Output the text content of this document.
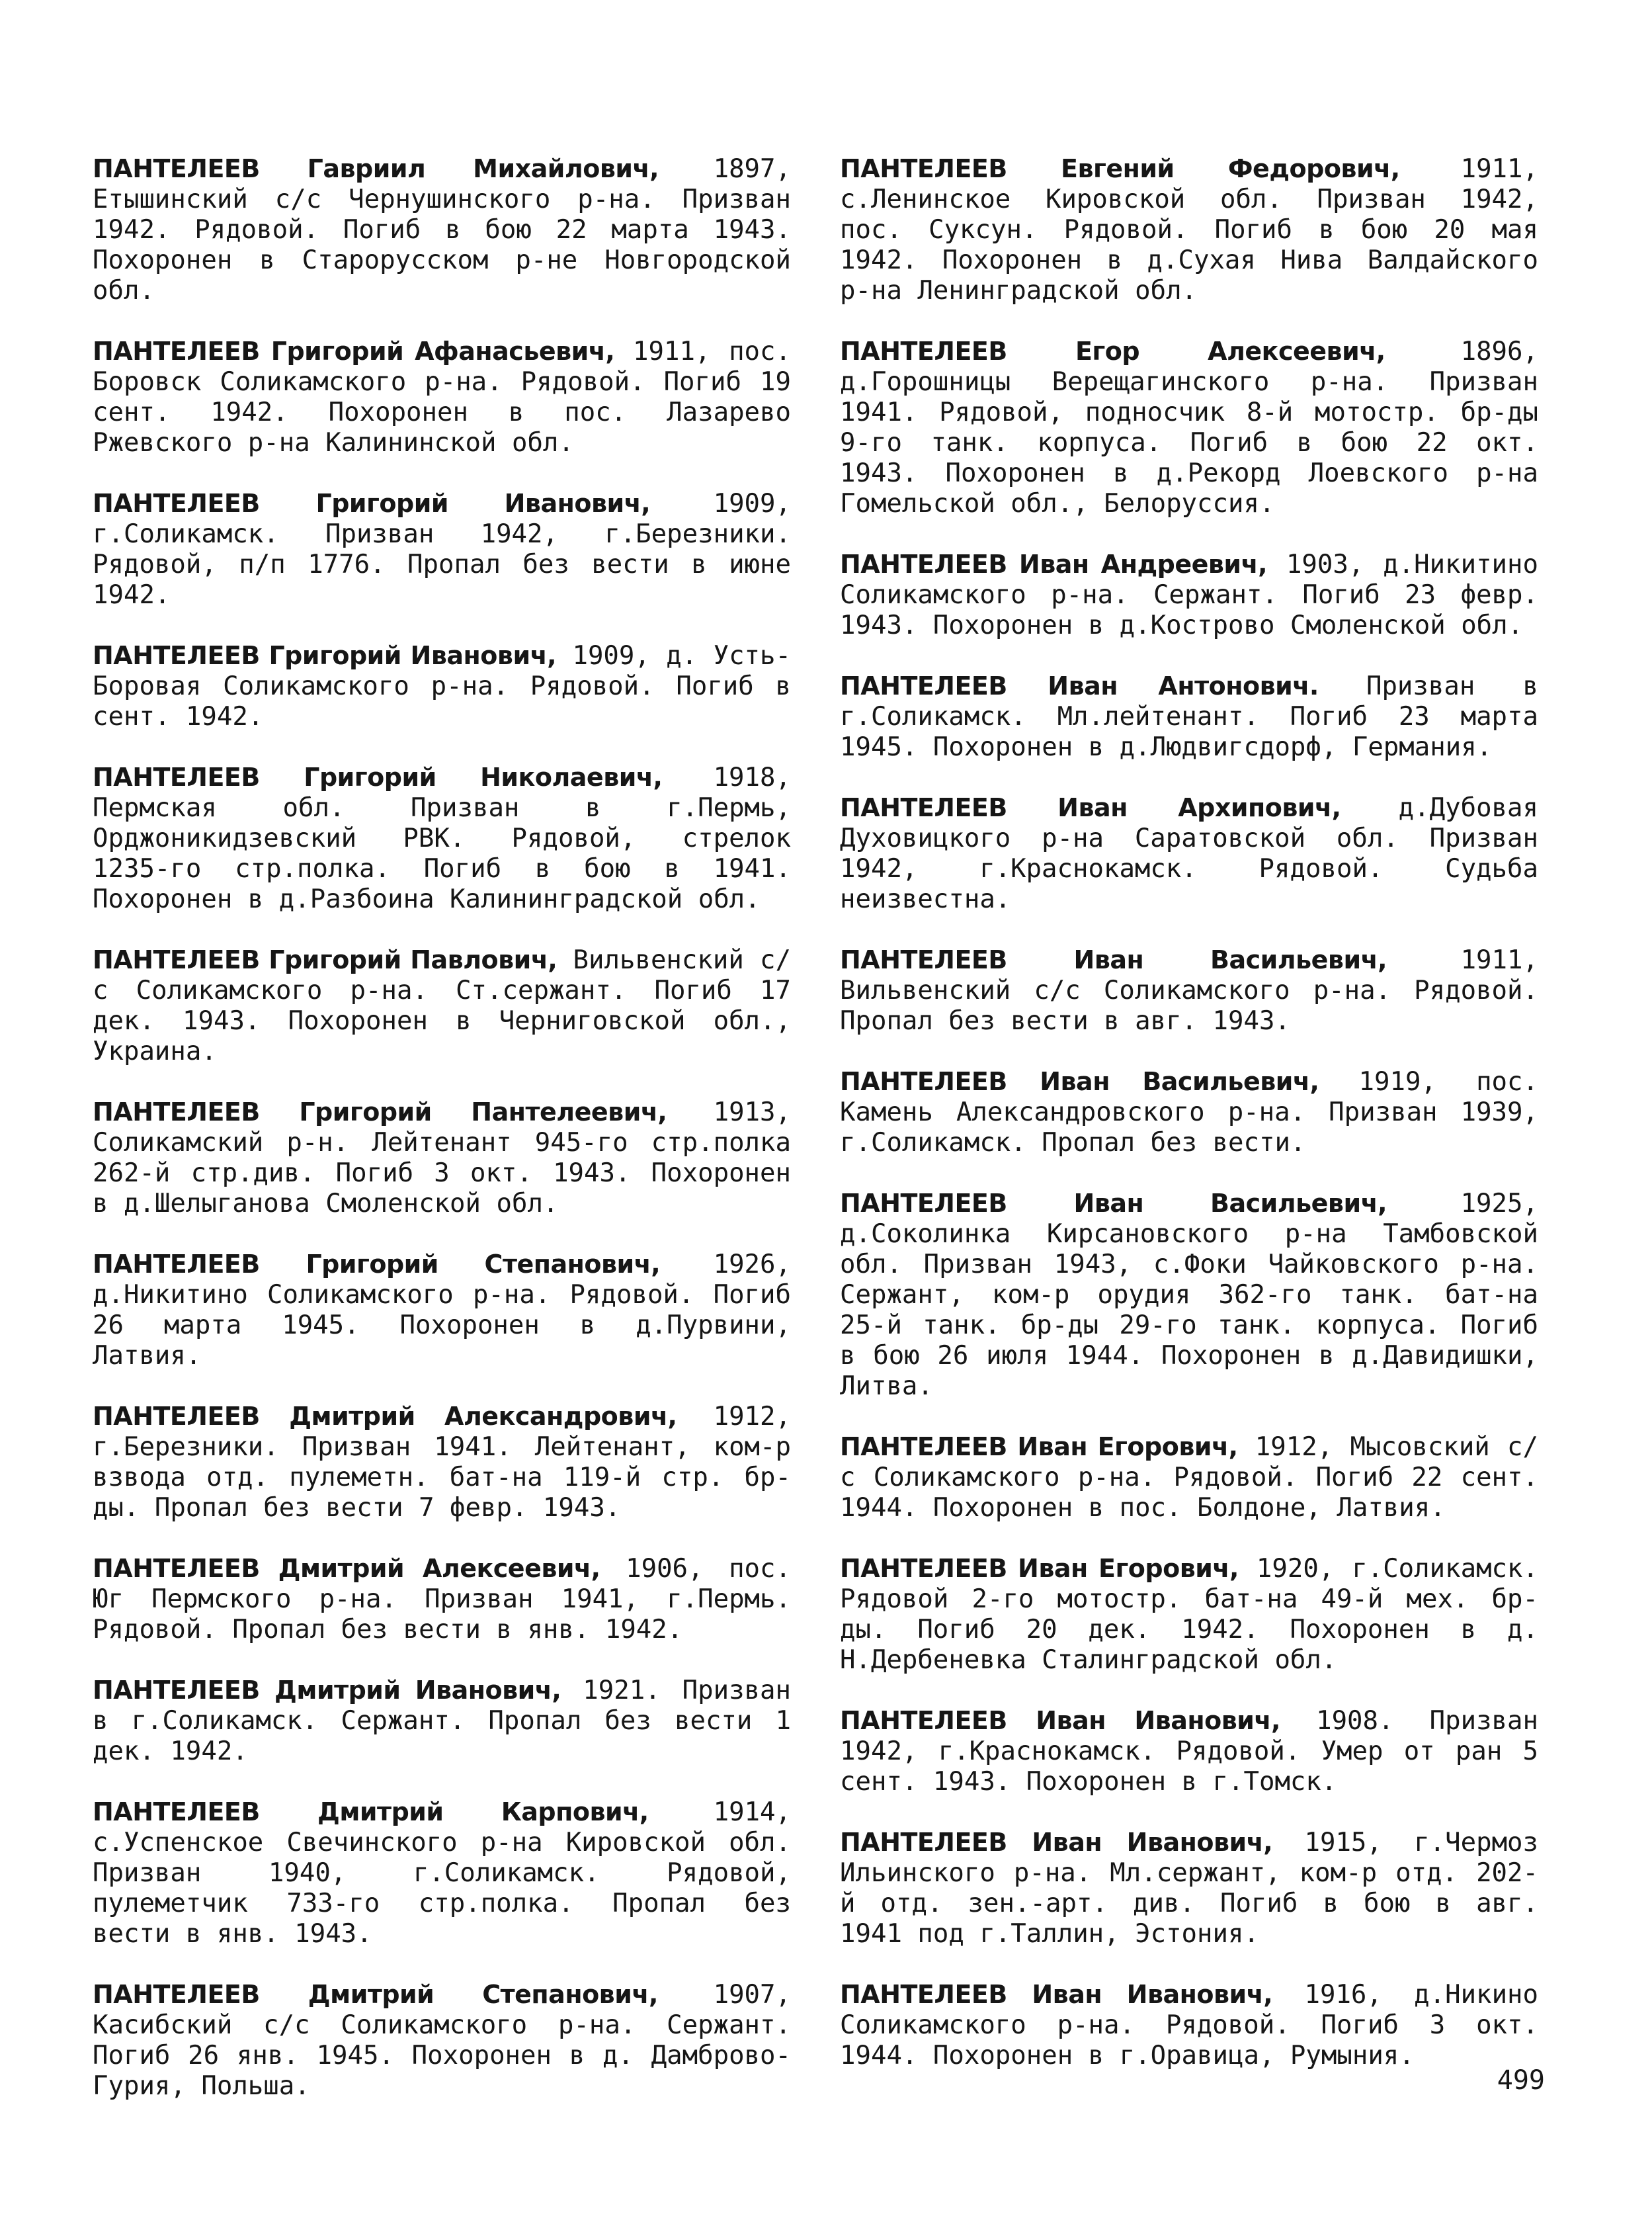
ПАНТЕЛЕЕВ Гавриил Михайлович, 1897, Етышинский с/с Чернушинского р-на. Призван 1942. Рядовой. Погиб в бою 22 марта 1943. Похоронен в Старорусском р-не Новгородской обл.

ПАНТЕЛЕЕВ Григорий Афанасьевич, 1911, пос. Боровск Соликамского р-на. Рядовой. Погиб 19 сент. 1942. Похоронен в пос. Лазарево Ржевского р-на Калининской обл.

ПАНТЕЛЕЕВ Григорий Иванович, 1909, г.Соликамск. Призван 1942, г.Березники. Рядовой, п/п 1776. Пропал без вести в июне 1942.

ПАНТЕЛЕЕВ Григорий Иванович, 1909, д. Усть-Боровая Соликамского р-на. Рядовой. Погиб в сент. 1942.

ПАНТЕЛЕЕВ Григорий Николаевич, 1918, Пермская обл. Призван в г.Пермь, Орджоникидзевский РВК. Рядовой, стрелок 1235-го стр.полка. Погиб в бою в 1941. Похоронен в д.Разбоина Калининградской обл.

ПАНТЕЛЕЕВ Григорий Павлович, Вильвенский с/с Соликамского р-на. Ст.сержант. Погиб 17 дек. 1943. Похоронен в Черниговской обл., Украина.

ПАНТЕЛЕЕВ Григорий Пантелеевич, 1913, Соликамский р-н. Лейтенант 945-го стр.полка 262-й стр.див. Погиб 3 окт. 1943. Похоронен в д.Шелыганова Смоленской обл.

ПАНТЕЛЕЕВ Григорий Степанович, 1926, д.Никитино Соликамского р-на. Рядовой. Погиб 26 марта 1945. Похоронен в д.Пурвини, Латвия.

ПАНТЕЛЕЕВ Дмитрий Александрович, 1912, г.Березники. Призван 1941. Лейтенант, ком-р взвода отд. пулеметн. бат-на 119-й стр. бр-ды. Пропал без вести 7 февр. 1943.

ПАНТЕЛЕЕВ Дмитрий Алексеевич, 1906, пос. Юг Пермского р-на. Призван 1941, г.Пермь. Рядовой. Пропал без вести в янв. 1942.

ПАНТЕЛЕЕВ Дмитрий Иванович, 1921. Призван в г.Соликамск. Сержант. Пропал без вести 1 дек. 1942.

ПАНТЕЛЕЕВ Дмитрий Карпович, 1914, с.Успенское Свечинского р-на Кировской обл. Призван 1940, г.Соликамск. Рядовой, пулеметчик 733-го стр.полка. Пропал без вести в янв. 1943.

ПАНТЕЛЕЕВ Дмитрий Степанович, 1907, Касибский с/с Соликамского р-на. Сержант. Погиб 26 янв. 1945. Похоронен в д. Дамброво-Гурия, Польша.

ПАНТЕЛЕЕВ Евгений Федорович, 1911, с.Ленинское Кировской обл. Призван 1942, пос. Суксун. Рядовой. Погиб в бою 20 мая 1942. Похоронен в д.Сухая Нива Валдайского р-на Ленинградской обл.

ПАНТЕЛЕЕВ Егор Алексеевич, 1896, д.Горошницы Верещагинского р-на. Призван 1941. Рядовой, подносчик 8-й мотостр. бр-ды 9-го танк. корпуса. Погиб в бою 22 окт. 1943. Похоронен в д.Рекорд Лоевского р-на Гомельской обл., Белоруссия.

ПАНТЕЛЕЕВ Иван Андреевич, 1903, д.Никитино Соликамского р-на. Сержант. Погиб 23 февр. 1943. Похоронен в д.Кострово Смоленской обл.

ПАНТЕЛЕЕВ Иван Антонович. Призван в г.Соликамск. Мл.лейтенант. Погиб 23 марта 1945. Похоронен в д.Людвигсдорф, Германия.

ПАНТЕЛЕЕВ Иван Архипович, д.Дубовая Духовицкого р-на Саратовской обл. Призван 1942, г.Краснокамск. Рядовой. Судьба неизвестна.

ПАНТЕЛЕЕВ Иван Васильевич, 1911, Вильвенский с/с Соликамского р-на. Рядовой. Пропал без вести в авг. 1943.

ПАНТЕЛЕЕВ Иван Васильевич, 1919, пос. Камень Александровского р-на. Призван 1939, г.Соликамск. Пропал без вести.

ПАНТЕЛЕЕВ Иван Васильевич, 1925, д.Соколинка Кирсановского р-на Тамбовской обл. Призван 1943, с.Фоки Чайковского р-на. Сержант, ком-р орудия 362-го танк. бат-на 25-й танк. бр-ды 29-го танк. корпуса. Погиб в бою 26 июля 1944. Похоронен в д.Давидишки, Литва.

ПАНТЕЛЕЕВ Иван Егорович, 1912, Мысовский с/с Соликамского р-на. Рядовой. Погиб 22 сент. 1944. Похоронен в пос. Болдоне, Латвия.

ПАНТЕЛЕЕВ Иван Егорович, 1920, г.Соликамск. Рядовой 2-го мотостр. бат-на 49-й мех. бр-ды. Погиб 20 дек. 1942. Похоронен в д. Н.Дербеневка Сталинградской обл.

ПАНТЕЛЕЕВ Иван Иванович, 1908. Призван 1942, г.Краснокамск. Рядовой. Умер от ран 5 сент. 1943. Похоронен в г.Томск.

ПАНТЕЛЕЕВ Иван Иванович, 1915, г.Чермоз Ильинского р-на. Мл.сержант, ком-р отд. 202-й отд. зен.-арт. див. Погиб в бою в авг. 1941 под г.Таллин, Эстония.

ПАНТЕЛЕЕВ Иван Иванович, 1916, д.Никино Соликамского р-на. Рядовой. Погиб 3 окт. 1944. Похоронен в г.Оравица, Румыния.

499
